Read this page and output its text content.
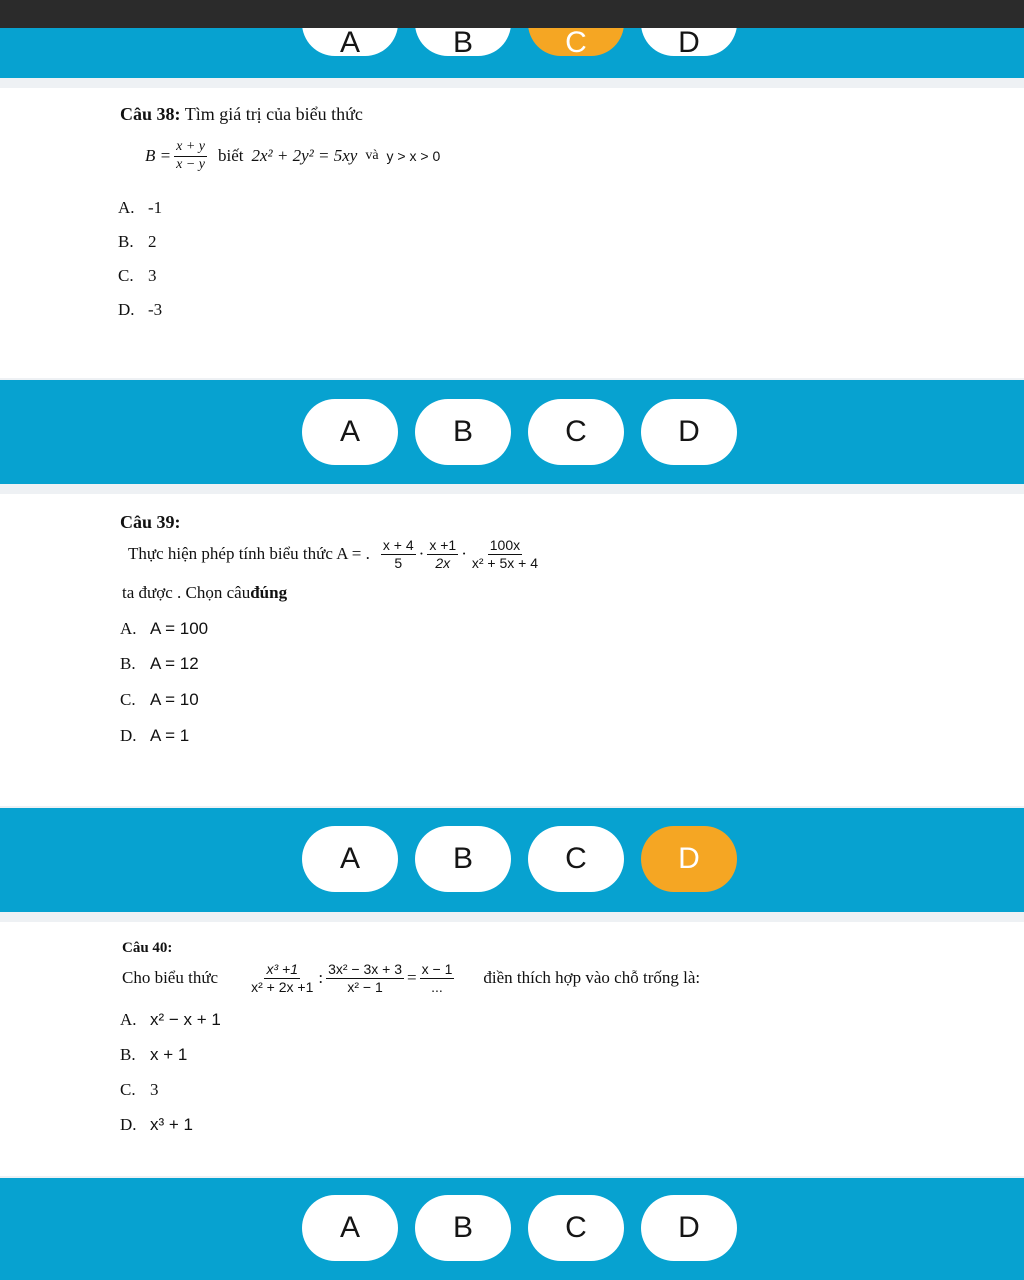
A	B	C	D
Câu 38: Tìm giá trị của biểu thức
$B = \frac{x + y}{x - y}$ biết 2x² + 2y² = 5xy và y > x > 0
A. -1
B. 2
C. 3
D. -3
A	B	C	D
Câu 39:
Thực hiện phép tính biểu thức A = . $\frac{x + 4}{5} \cdot \frac{x +1}{2x} \cdot \frac{100x}{\text{x² + 5x + 4}}$
ta được . Chọn câu đúng
A. A = 100
B. A = 12
C. A = 10
D. A = 1
A	B	C	D
Câu 40:
Cho biểu thức $\frac{\text{x³ +1}}{\text{x² + 2x +1}}$ : $\frac{\text{3x² − 3x + 3}}{\text{x² − 1}} = \frac{x - 1}{...}$ điền thích hợp vào chỗ trống là:
A. x² − x + 1
B. x + 1
C. 3
D. x³ + 1
A	B	C	D
